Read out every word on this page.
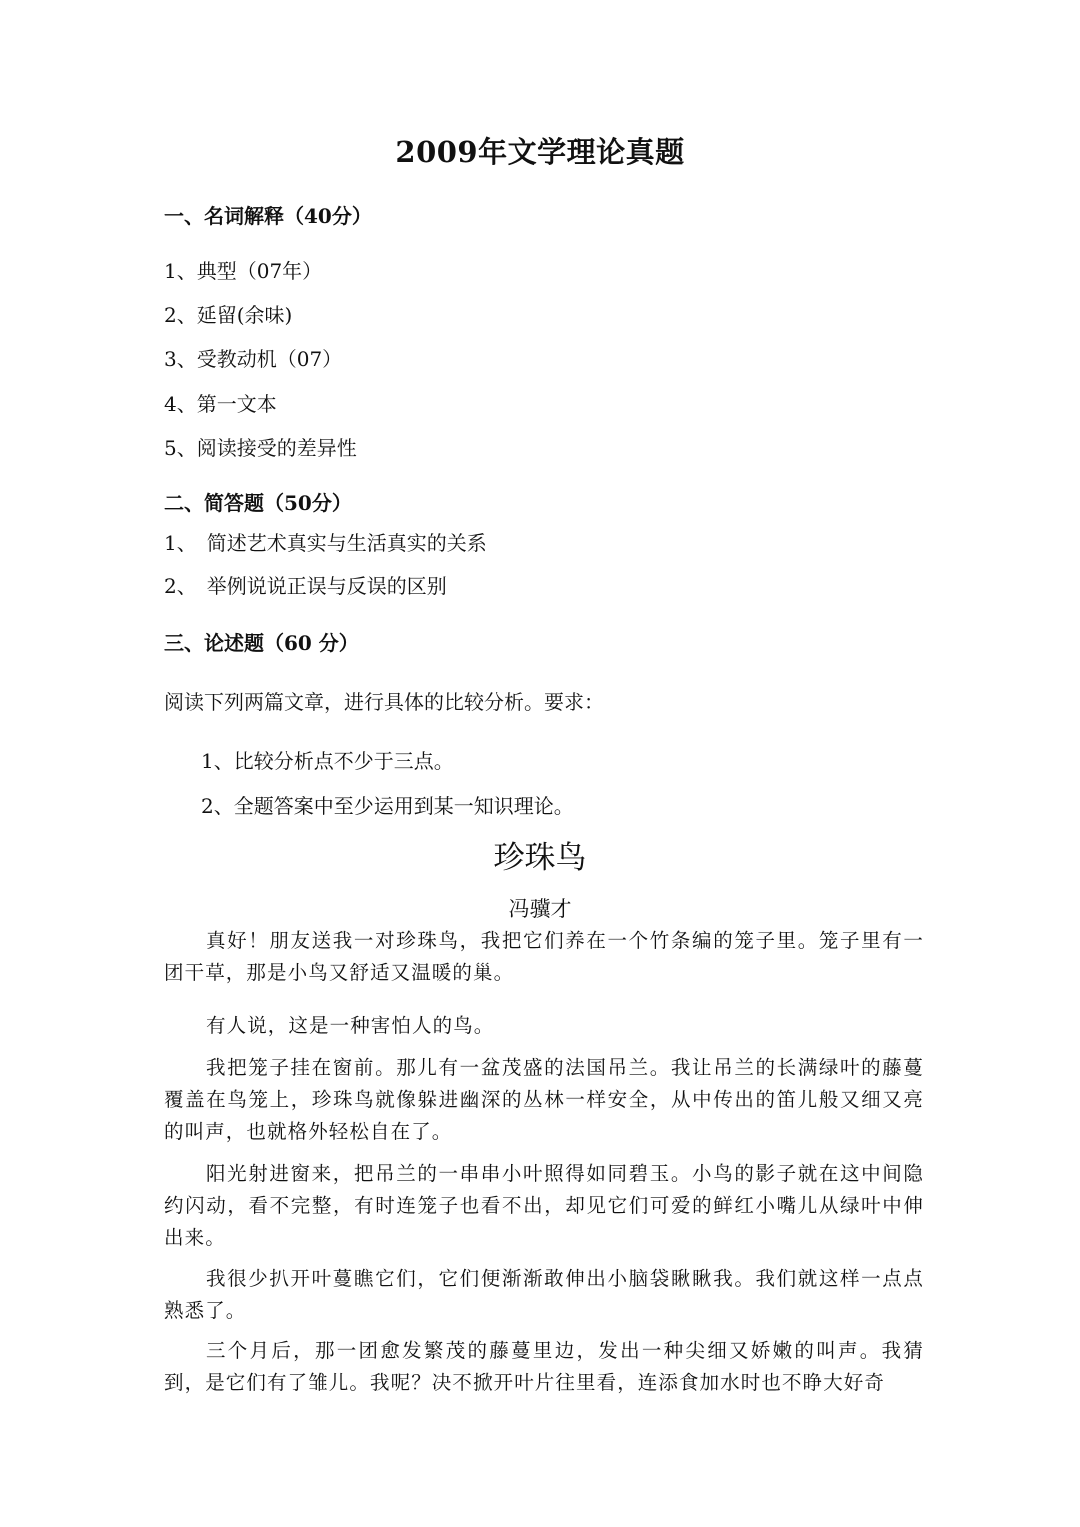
2009年文学理论真题
一、名词解释（40分）
1、典型（07年）
2、延留(余味)
3、受教动机（07）
4、第一文本
5、阅读接受的差异性
二、简答题（50分）
1、 简述艺术真实与生活真实的关系
2、 举例说说正误与反误的区别
三、论述题（60 分）
阅读下列两篇文章，进行具体的比较分析。要求：
1、比较分析点不少于三点。
2、全题答案中至少运用到某一知识理论。
珍珠鸟
冯骥才

真好！朋友送我一对珍珠鸟，我把它们养在一个竹条编的笼子里。笼子里有一团干草，那是小鸟又舒适又温暖的巢。

有人说，这是一种害怕人的鸟。

我把笼子挂在窗前。那儿有一盆茂盛的法国吊兰。我让吊兰的长满绿叶的藤蔓覆盖在鸟笼上，珍珠鸟就像躲进幽深的丛林一样安全，从中传出的笛儿般又细又亮的叫声，也就格外轻松自在了。

阳光射进窗来，把吊兰的一串串小叶照得如同碧玉。小鸟的影子就在这中间隐约闪动，看不完整，有时连笼子也看不出，却见它们可爱的鲜红小嘴儿从绿叶中伸出来。

我很少扒开叶蔓瞧它们，它们便渐渐敢伸出小脑袋瞅瞅我。我们就这样一点点熟悉了。

三个月后，那一团愈发繁茂的藤蔓里边，发出一种尖细又娇嫩的叫声。我猜到，是它们有了雏儿。我呢？决不掀开叶片往里看，连添食加水时也不睁大好奇
